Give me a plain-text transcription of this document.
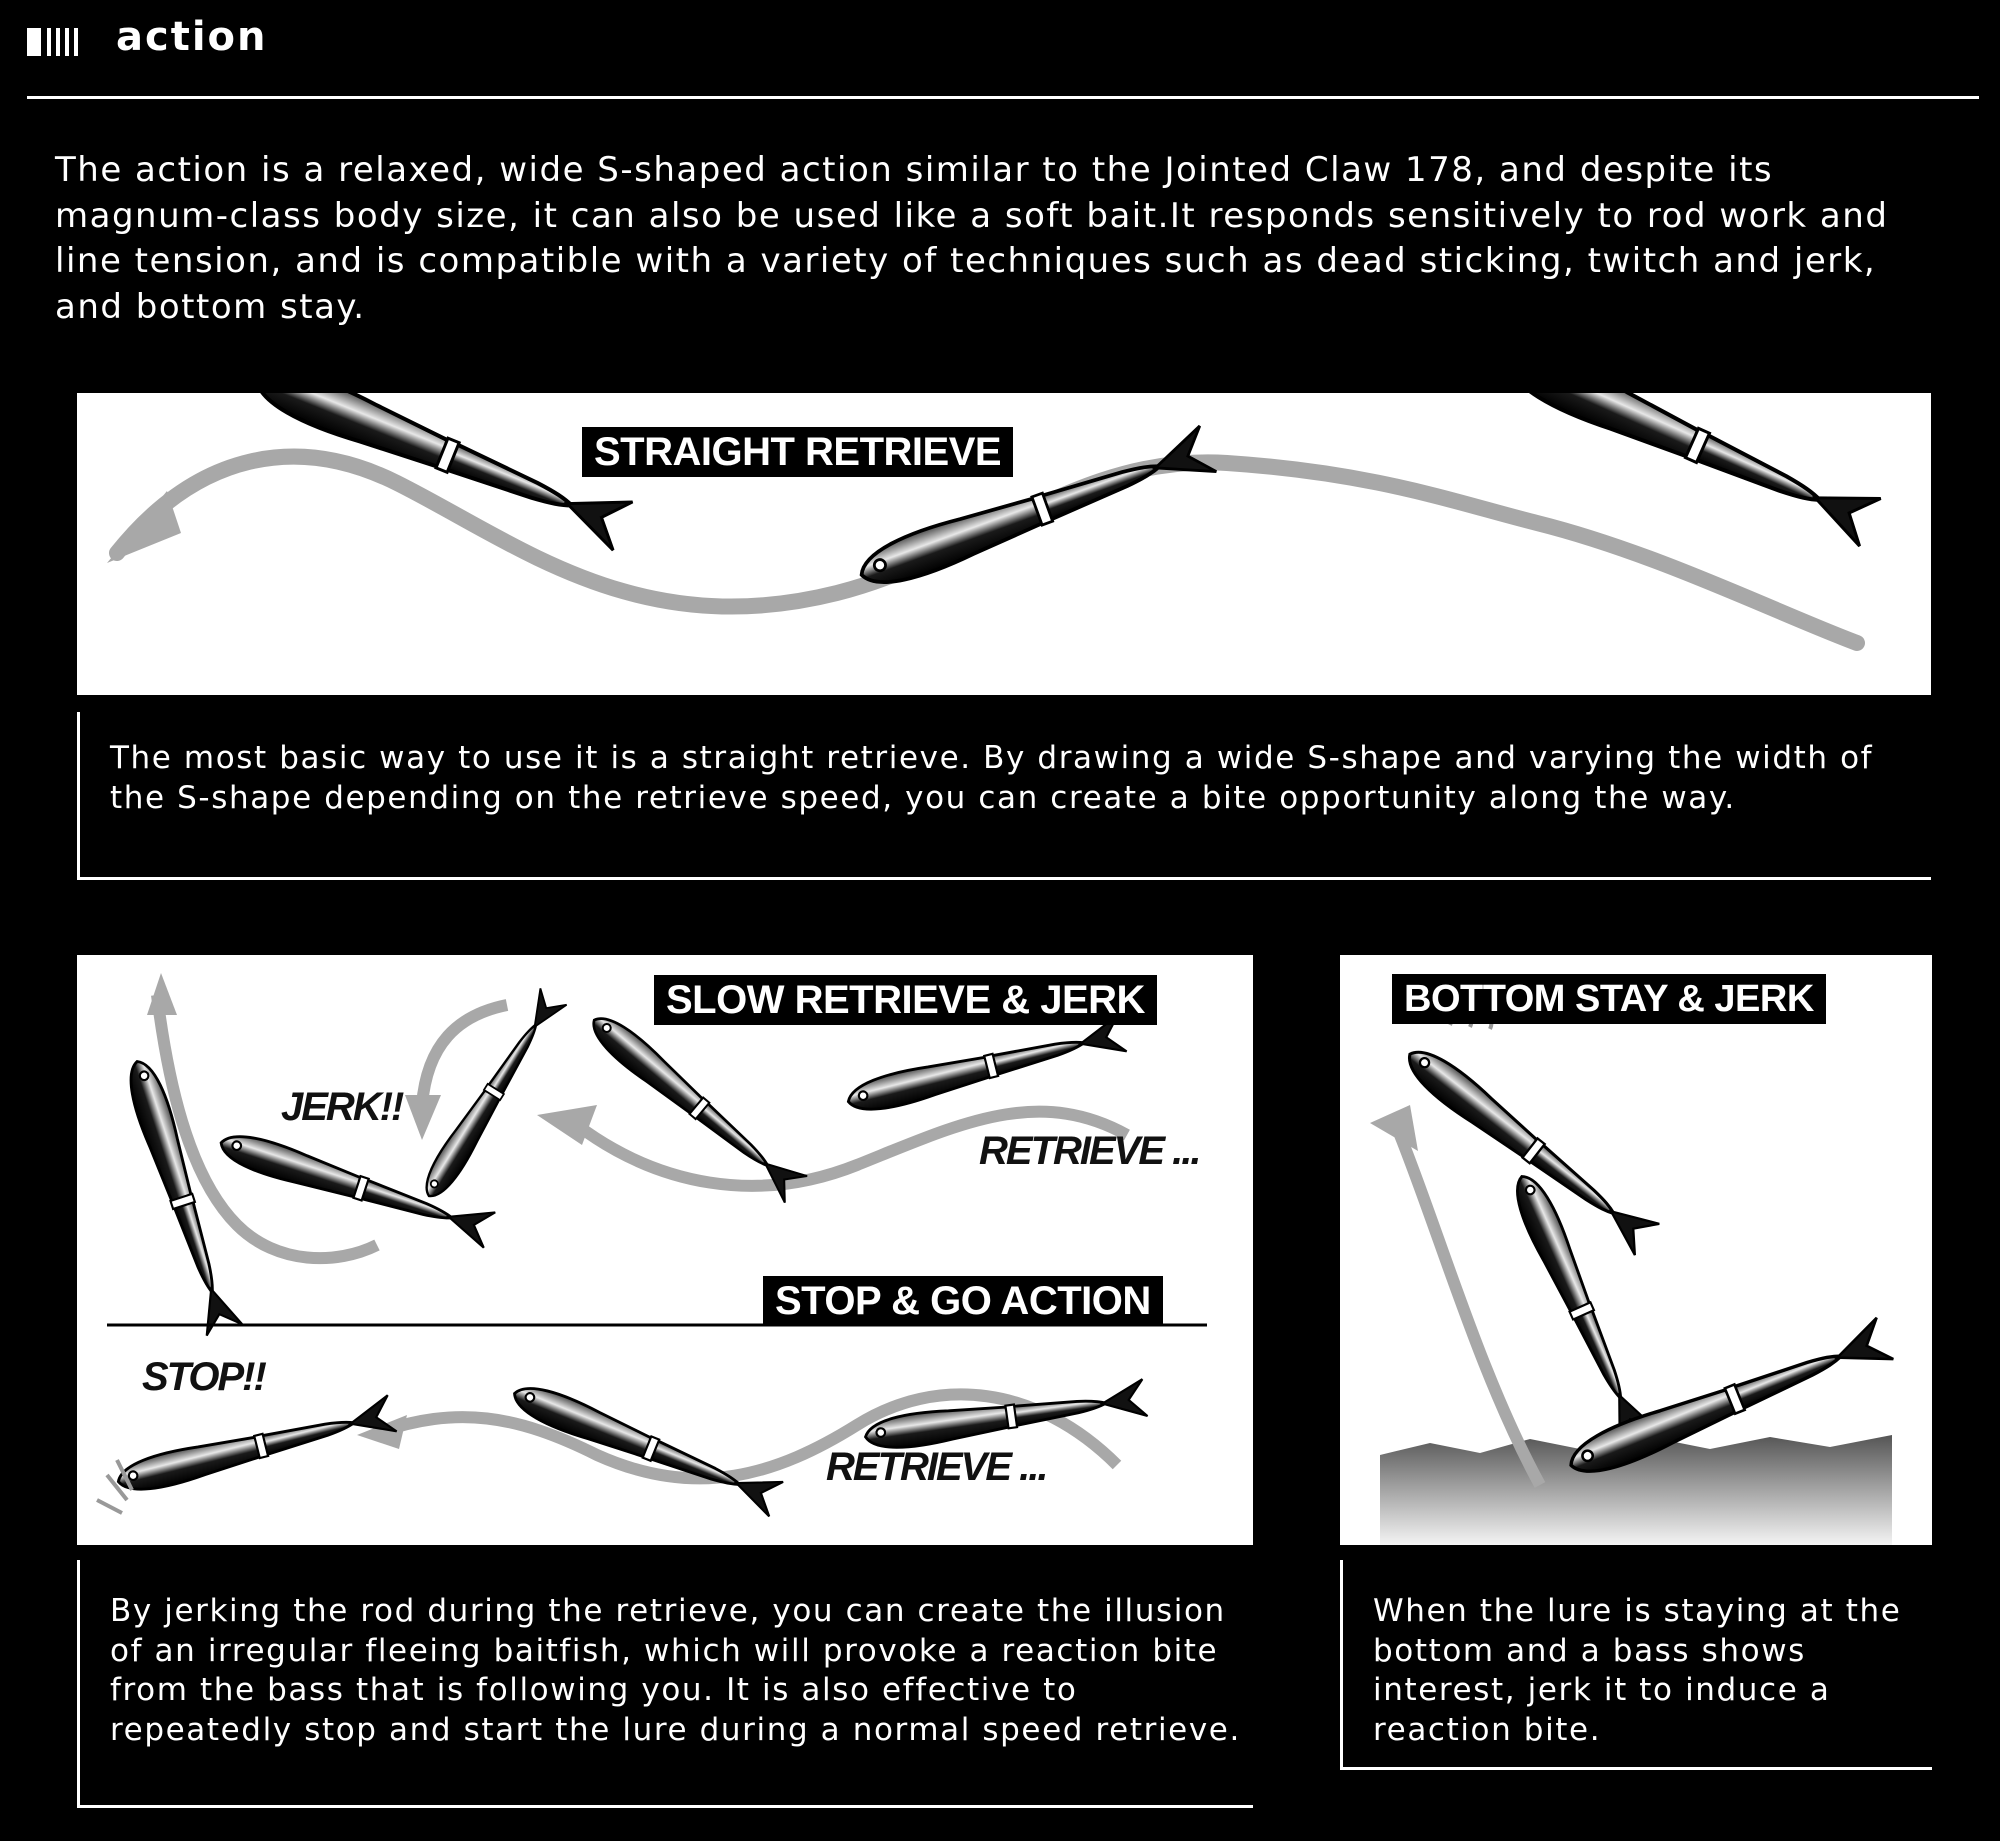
action
The action is a relaxed, wide S-shaped action similar to the Jointed Claw 178, and despite its magnum-class body size, it can also be used like a soft bait.It responds sensitively to rod work and line tension, and is compatible with a variety of techniques such as dead sticking, twitch and jerk, and bottom stay.
STRAIGHT RETRIEVE
The most basic way to use it is a straight retrieve. By drawing a wide S-shape and varying the width of the S-shape depending on the retrieve speed, you can create a bite opportunity along the way.
SLOW RETRIEVE & JERK
STOP & GO ACTION
JERK!!
RETRIEVE ...
STOP!!
RETRIEVE ...
By jerking the rod during the retrieve, you can create the illusion of an irregular fleeing baitfish, which will provoke a reaction bite from the bass that is following you. It is also effective to repeatedly stop and start the lure during a normal speed retrieve.
BOTTOM STAY & JERK
When the lure is staying at the bottom and a bass shows interest, jerk it to induce a reaction bite.
